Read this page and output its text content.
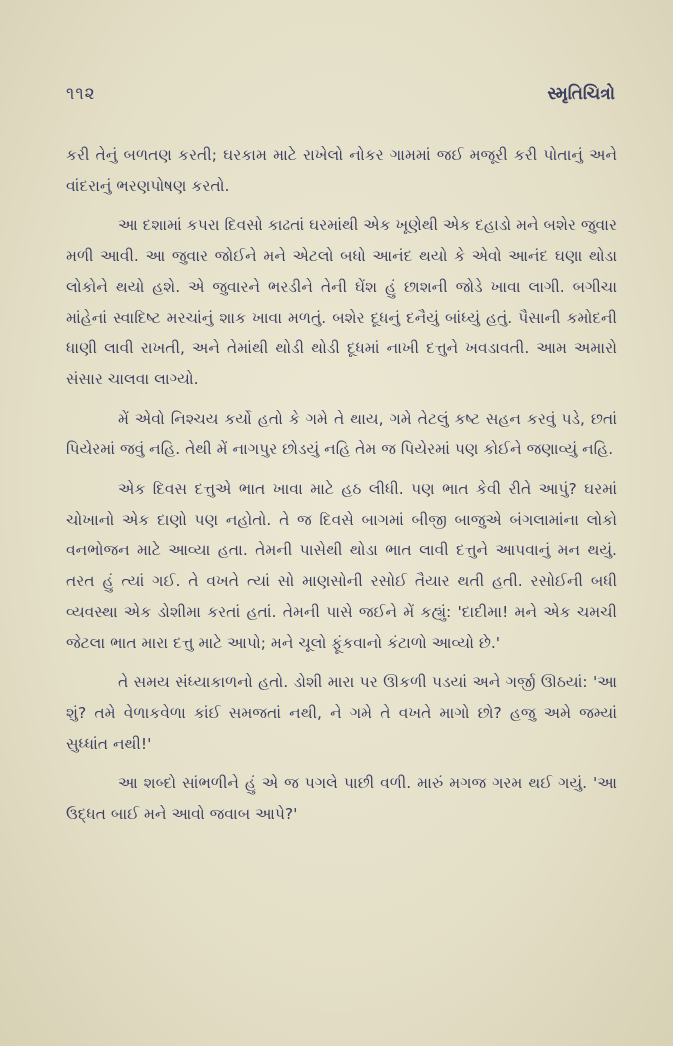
૧૧૨	સ્મૃતિચિત્રો

કરી તેનું બળતણ કરતી; ઘરકામ માટે રાખેલો નોકર ગામમાં જઈ મજૂરી કરી પોતાનું અને વાંદરાનું ભરણપોષણ કરતો.

આ દશામાં કપરા દિવસો કાઢતાં ઘરમાંથી એક ખૂણેથી એક દહાડો મને બશેર જુવાર મળી આવી. આ જુવાર જોઈને મને એટલો બધો આનંદ થયો કે એવો આનંદ ઘણા થોડા લોકોને થયો હશે. એ જુવારને ભરડીને તેની ઘેંશ હું છાશની જોડે ખાવા લાગી. બગીચા માંહેનાં સ્વાદિષ્ટ મરચાંનું શાક ખાવા મળતું. બશેર દૂધનું દનૈયું બાંધ્યું હતું. પૈસાની કમોદની ધાણી લાવી રાખતી, અને તેમાંથી થોડી થોડી દૂધમાં નાખી દત્તુને ખવડાવતી. આમ અમારો સંસાર ચાલવા લાગ્યો.

મેં એવો નિશ્ચય કર્યો હતો કે ગમે તે થાય, ગમે તેટલું કષ્ટ સહન કરવું પડે, છતાં પિયેરમાં જવું નહિ. તેથી મેં નાગપુર છોડયું નહિ તેમ જ પિયેરમાં પણ કોઈને જણાવ્યું નહિ.

એક દિવસ દત્તુએ ભાત ખાવા માટે હઠ લીધી. પણ ભાત કેવી રીતે આપું? ઘરમાં ચોખાનો એક દાણો પણ નહોતો. તે જ દિવસે બાગમાં બીજી બાજુએ બંગલામાંના લોકો વનભોજન માટે આવ્યા હતા. તેમની પાસેથી થોડા ભાત લાવી દત્તુને આપવાનું મન થયું. તરત હું ત્યાં ગઈ. તે વખતે ત્યાં સો માણસોની રસોઈ તૈયાર થતી હતી. રસોઈની બધી વ્યવસ્થા એક ડોશીમા કરતાં હતાં. તેમની પાસે જઈને મેં કહ્યું: 'દાદીમા! મને એક ચમચી જેટલા ભાત મારા દત્તુ માટે આપો; મને ચૂલો ફૂંકવાનો કંટાળો આવ્યો છે.'

તે સમય સંધ્યાકાળનો હતો. ડોશી મારા પર ઊકળી પડયાં અને ગર્જી ઊઠયાં: 'આ શું? તમે વેળાકવેળા કાંઈ સમજતાં નથી, ને ગમે તે વખતે માગો છો? હજુ અમે જમ્યાં સુધ્ધાંત નથી!'

આ શબ્દો સાંભળીને હું એ જ પગલે પાછી વળી. મારું મગજ ગરમ થઈ ગયું. 'આ ઉદ્ધત બાઈ મને આવો જવાબ આપે?'
